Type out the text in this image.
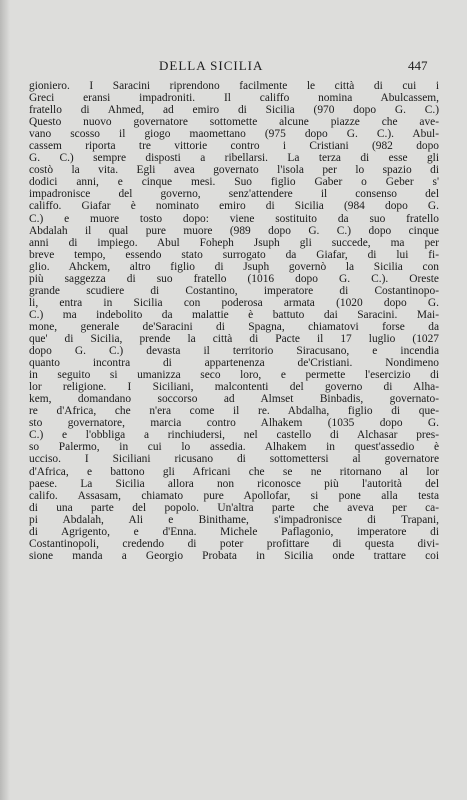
DELLA SICILIA	447
gioniero. I Saracini riprendono facilmente le città di cui i
Greci eransi impadroniti. Il califfo nomina Abulcassem,
fratello di Ahmed, ad emiro di Sicilia (970 dopo G. C.)
Questo nuovo governatore sottomette alcune piazze che ave-
vano scosso il giogo maomettano (975 dopo G. C.). Abul-
cassem riporta tre vittorie contro i Cristiani (982 dopo
G. C.) sempre disposti a ribellarsi. La terza di esse gli
costò la vita. Egli avea governato l'isola per lo spazio di
dodici anni, e cinque mesi. Suo figlio Gaber o Geber s'
impadronisce del governo, senz'attendere il consenso del
califfo. Giafar è nominato emiro di Sicilia (984 dopo G.
C.) e muore tosto dopo: viene sostituito da suo fratello
Abdalah il qual pure muore (989 dopo G. C.) dopo cinque
anni di impiego. Abul Foheph Jsuph gli succede, ma per
breve tempo, essendo stato surrogato da Giafar, di lui fi-
glio. Ahckem, altro figlio di Jsuph governò la Sicilia con
più saggezza di suo fratello (1016 dopo G. C.). Oreste
grande scudiere di Costantino, imperatore di Costantinopo-
li, entra in Sicilia con poderosa armata (1020 dopo G.
C.) ma indebolito da malattie è battuto dai Saracini. Mai-
mone, generale de'Saracini di Spagna, chiamatovi forse da
que' di Sicilia, prende la città di Pacte il 17 luglio (1027
dopo G. C.) devasta il territorio Siracusano, e incendia
quanto incontra di appartenenza de'Cristiani. Nondimeno
in seguito si umanizza seco loro, e permette l'esercizio di
lor religione. I Siciliani, malcontenti del governo di Alha-
kem, domandano soccorso ad Almset Binbadis, governato-
re d'Africa, che n'era come il re. Abdalha, figlio di que-
sto governatore, marcia contro Alhakem (1035 dopo G.
C.) e l'obbliga a rinchiudersi, nel castello di Alchasar pres-
so Palermo, in cui lo assedia. Alhakem in quest'assedio è
ucciso. I Siciliani ricusano di sottomettersi al governatore
d'Africa, e battono gli Africani che se ne ritornano al lor
paese. La Sicilia allora non riconosce più l'autorità del
califo. Assasam, chiamato pure Apollofar, si pone alla testa
di una parte del popolo. Un'altra parte che aveva per ca-
pi Abdalah, Ali e Binithame, s'impadronisce di Trapani,
di Agrigento, e d'Enna. Michele Paflagonio, imperatore di
Costantinopoli, credendo di poter profittare di questa divi-
sione manda a Georgio Probata in Sicilia onde trattare coi
